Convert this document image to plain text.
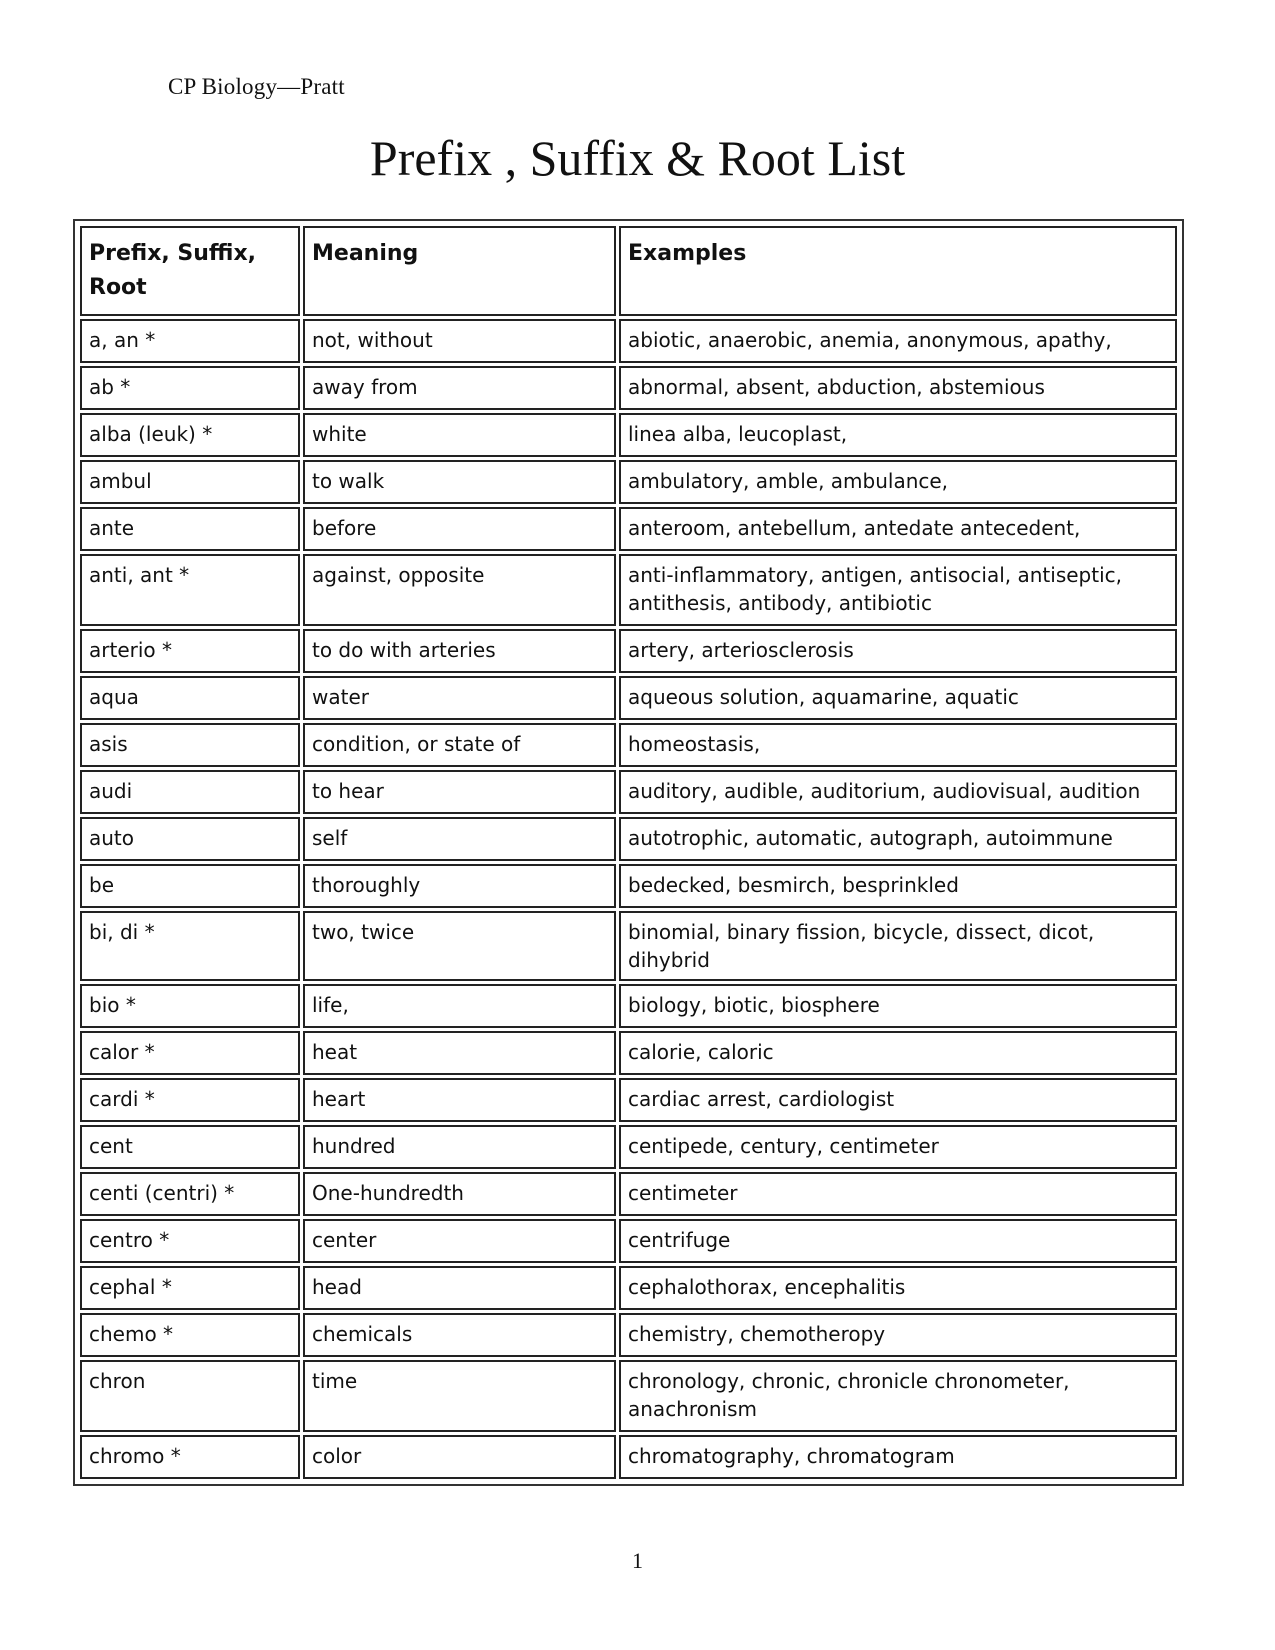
CP Biology—Pratt
Prefix , Suffix & Root List
Prefix, Suffix, Root	Meaning	Examples
a, an *	not, without	abiotic, anaerobic, anemia, anonymous, apathy,
ab *	away from	abnormal, absent, abduction, abstemious
alba (leuk) *	white	linea alba, leucoplast,
ambul	to walk	ambulatory, amble, ambulance,
ante	before	anteroom, antebellum, antedate antecedent,
anti, ant *	against, opposite	anti-inflammatory, antigen, antisocial, antiseptic, antithesis, antibody, antibiotic
arterio *	to do with arteries	artery, arteriosclerosis
aqua	water	aqueous solution, aquamarine, aquatic
asis	condition, or state of	homeostasis,
audi	to hear	auditory, audible, auditorium, audiovisual, audition
auto	self	autotrophic, automatic, autograph, autoimmune
be	thoroughly	bedecked, besmirch, besprinkled
bi, di *	two, twice	binomial, binary fission, bicycle, dissect, dicot, dihybrid
bio *	life,	biology, biotic, biosphere
calor *	heat	calorie, caloric
cardi *	heart	cardiac arrest, cardiologist
cent	hundred	centipede, century, centimeter
centi (centri) *	One-hundredth	centimeter
centro *	center	centrifuge
cephal *	head	cephalothorax, encephalitis
chemo *	chemicals	chemistry, chemotheropy
chron	time	chronology, chronic, chronicle chronometer, anachronism
chromo *	color	chromatography, chromatogram
1
